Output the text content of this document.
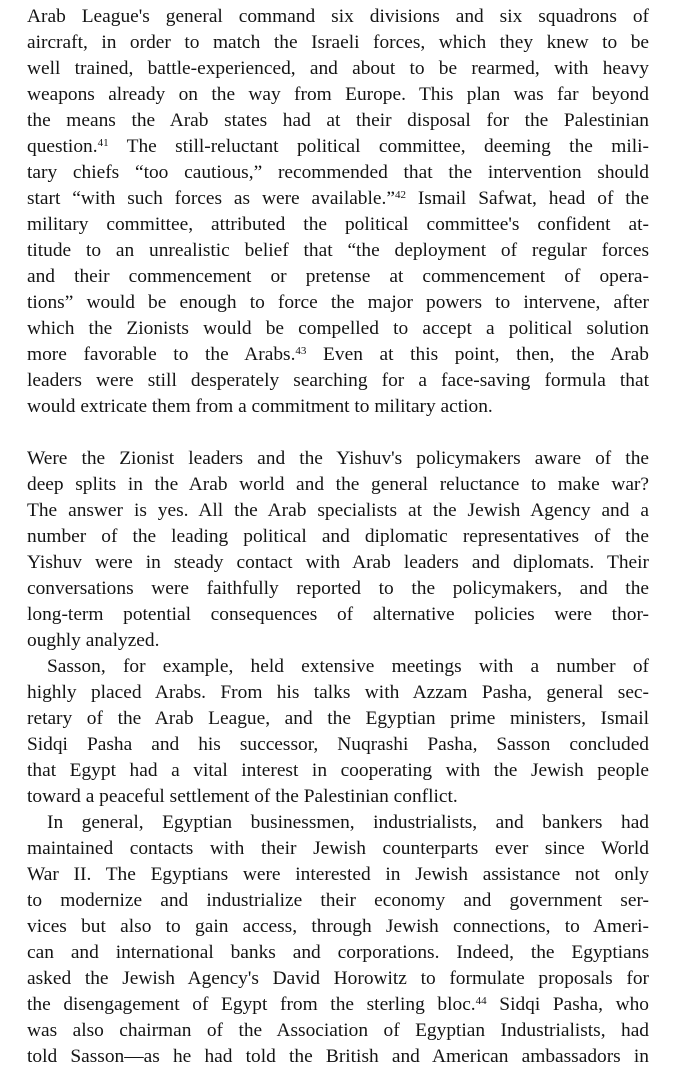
Arab League's general command six divisions and six squadrons of
aircraft, in order to match the Israeli forces, which they knew to be
well trained, battle-experienced, and about to be rearmed, with heavy
weapons already on the way from Europe. This plan was far beyond
the means the Arab states had at their disposal for the Palestinian
question.$^{41}$ The still-reluctant political committee, deeming the mili-
tary chiefs “too cautious,” recommended that the intervention should
start “with such forces as were available.”$^{42}$ Ismail Safwat, head of the
military committee, attributed the political committee's confident at-
titude to an unrealistic belief that “the deployment of regular forces
and their commencement or pretense at commencement of opera-
tions” would be enough to force the major powers to intervene, after
which the Zionists would be compelled to accept a political solution
more favorable to the Arabs.$^{43}$ Even at this point, then, the Arab
leaders were still desperately searching for a face-saving formula that
would extricate them from a commitment to military action.
Were the Zionist leaders and the Yishuv's policymakers aware of the
deep splits in the Arab world and the general reluctance to make war?
The answer is yes. All the Arab specialists at the Jewish Agency and a
number of the leading political and diplomatic representatives of the
Yishuv were in steady contact with Arab leaders and diplomats. Their
conversations were faithfully reported to the policymakers, and the
long-term potential consequences of alternative policies were thor-
oughly analyzed.
Sasson, for example, held extensive meetings with a number of
highly placed Arabs. From his talks with Azzam Pasha, general sec-
retary of the Arab League, and the Egyptian prime ministers, Ismail
Sidqi Pasha and his successor, Nuqrashi Pasha, Sasson concluded
that Egypt had a vital interest in cooperating with the Jewish people
toward a peaceful settlement of the Palestinian conflict.
In general, Egyptian businessmen, industrialists, and bankers had
maintained contacts with their Jewish counterparts ever since World
War II. The Egyptians were interested in Jewish assistance not only
to modernize and industrialize their economy and government ser-
vices but also to gain access, through Jewish connections, to Ameri-
can and international banks and corporations. Indeed, the Egyptians
asked the Jewish Agency's David Horowitz to formulate proposals for
the disengagement of Egypt from the sterling bloc.$^{44}$ Sidqi Pasha, who
was also chairman of the Association of Egyptian Industrialists, had
told Sasson—as he had told the British and American ambassadors in
